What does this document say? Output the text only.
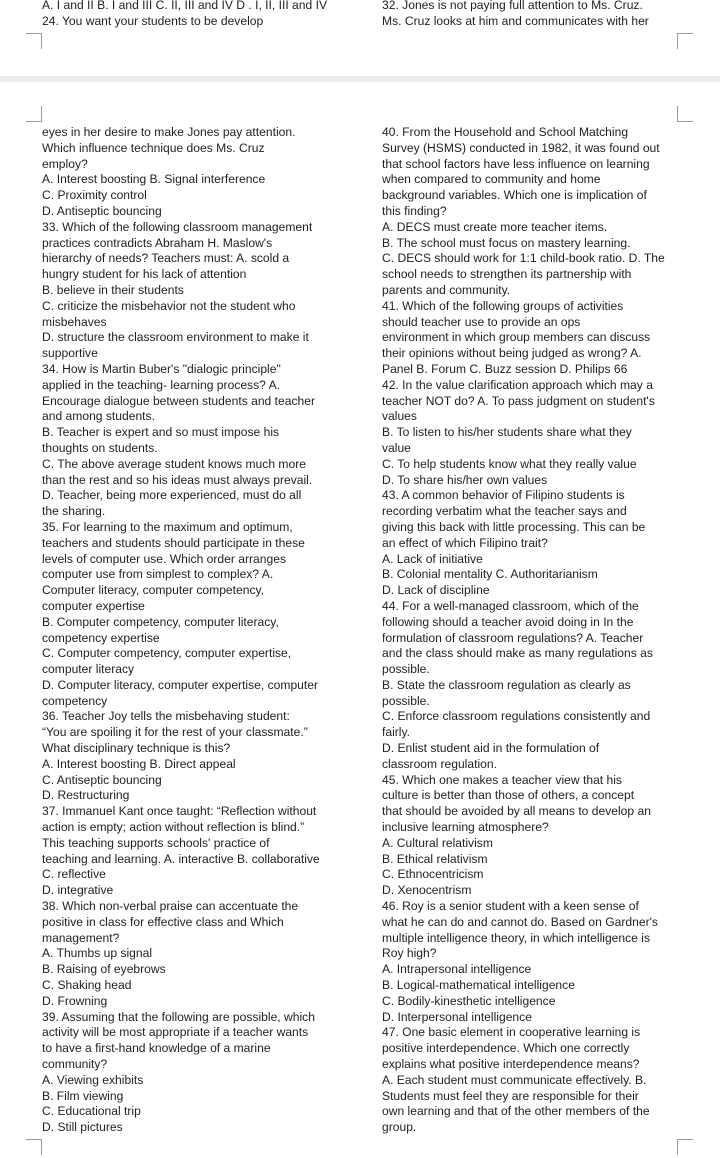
A. I and II B. I and III C. II, III and IV D . I, II, III and IV
24. You want your students to be develop
32. Jones is not paying full attention to Ms. Cruz.
Ms. Cruz looks at him and communicates with her
eyes in her desire to make Jones pay attention.
Which influence technique does Ms. Cruz
employ?
A. Interest boosting B. Signal interference
C. Proximity control
D. Antiseptic bouncing
33. Which of the following classroom management
practices contradicts Abraham H. Maslow's
hierarchy of needs? Teachers must: A. scold a
hungry student for his lack of attention
B. believe in their students
C. criticize the misbehavior not the student who
misbehaves
D. structure the classroom environment to make it
supportive
34. How is Martin Buber's "dialogic principle"
applied in the teaching- learning process? A.
Encourage dialogue between students and teacher
and among students.
B. Teacher is expert and so must impose his
thoughts on students.
C. The above average student knows much more
than the rest and so his ideas must always prevail.
D. Teacher, being more experienced, must do all
the sharing.
35. For learning to the maximum and optimum,
teachers and students should participate in these
levels of computer use. Which order arranges
computer use from simplest to complex? A.
Computer literacy, computer competency,
computer expertise
B. Computer competency, computer literacy,
competency expertise
C. Computer competency, computer expertise,
computer literacy
D. Computer literacy, computer expertise, computer
competency
36. Teacher Joy tells the misbehaving student:
“You are spoiling it for the rest of your classmate.”
What disciplinary technique is this?
A. Interest boosting B. Direct appeal
C. Antiseptic bouncing
D. Restructuring
37. Immanuel Kant once taught: “Reflection without
action is empty; action without reflection is blind.”
This teaching supports schools' practice of
teaching and learning. A. interactive B. collaborative
C. reflective
D. integrative
38. Which non-verbal praise can accentuate the
positive in class for effective class and Which
management?
A. Thumbs up signal
B. Raising of eyebrows
C. Shaking head
D. Frowning
39. Assuming that the following are possible, which
activity will be most appropriate if a teacher wants
to have a first-hand knowledge of a marine
community?
A. Viewing exhibits
B. Film viewing
C. Educational trip
D. Still pictures
40. From the Household and School Matching
Survey (HSMS) conducted in 1982, it was found out
that school factors have less influence on learning
when compared to community and home
background variables. Which one is implication of
this finding?
A. DECS must create more teacher items.
B. The school must focus on mastery learning.
C. DECS should work for 1:1 child-book ratio. D. The
school needs to strengthen its partnership with
parents and community.
41. Which of the following groups of activities
should teacher use to provide an ops
environment in which group members can discuss
their opinions without being judged as wrong? A.
Panel B. Forum C. Buzz session D. Philips 66
42. In the value clarification approach which may a
teacher NOT do? A. To pass judgment on student's
values
B. To listen to his/her students share what they
value
C. To help students know what they really value
D. To share his/her own values
43. A common behavior of Filipino students is
recording verbatim what the teacher says and
giving this back with little processing. This can be
an effect of which Filipino trait?
A. Lack of initiative
B. Colonial mentality C. Authoritarianism
D. Lack of discipline
44. For a well-managed classroom, which of the
following should a teacher avoid doing in In the
formulation of classroom regulations? A. Teacher
and the class should make as many regulations as
possible.
B. State the classroom regulation as clearly as
possible.
C. Enforce classroom regulations consistently and
fairly.
D. Enlist student aid in the formulation of
classroom regulation.
45. Which one makes a teacher view that his
culture is better than those of others, a concept
that should be avoided by all means to develop an
inclusive learning atmosphere?
A. Cultural relativism
B. Ethical relativism
C. Ethnocentricism
D. Xenocentrism
46. Roy is a senior student with a keen sense of
what he can do and cannot do. Based on Gardner's
multiple intelligence theory, in which intelligence is
Roy high?
A. Intrapersonal intelligence
B. Logical-mathematical intelligence
C. Bodily-kinesthetic intelligence
D. Interpersonal intelligence
47. One basic element in cooperative learning is
positive interdependence. Which one correctly
explains what positive interdependence means?
A. Each student must communicate effectively. B.
Students must feel they are responsible for their
own learning and that of the other members of the
group.
